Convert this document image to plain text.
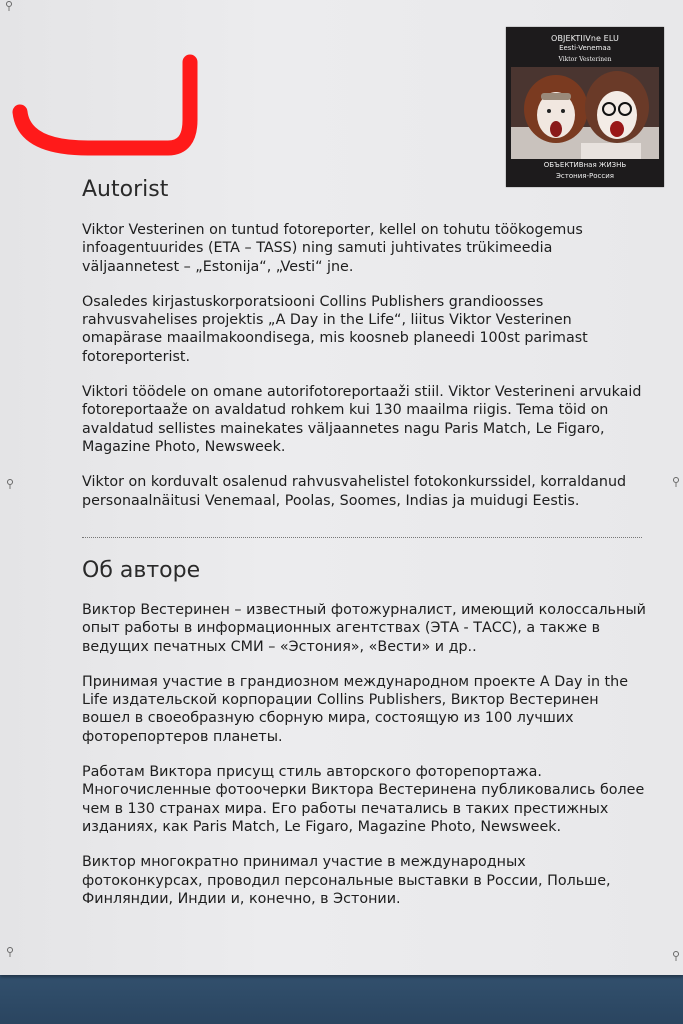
OBJEKTIIVne ELU
Eesti-Venemaa
Viktor Vesterinen
ОБЪЕКТИВная ЖИЗНЬ
Эстония-Россия
Autorist

Viktor Vesterinen on tuntud fotoreporter, kellel on tohutu töökogemus infoagentuurides (ETA – TASS) ning samuti juhtivates trükimeedia väljaannetest – „Estonija“, „Vesti“ jne.

Osaledes kirjastuskorporatsiooni Collins Publishers grandioosses rahvusvahelises projektis „A Day in the Life“, liitus Viktor Vesterinen omapärase maailmakoondisega, mis koosneb planeedi 100st parimast fotoreporterist.

Viktori töödele on omane autorifotoreportaaži stiil. Viktor Vesterineni arvukaid fotoreportaaže on avaldatud rohkem kui 130 maailma riigis. Tema töid on avaldatud sellistes mainekates väljaannetes nagu Paris Match, Le Figaro, Magazine Photo, Newsweek.

Viktor on korduvalt osalenud rahvusvahelistel fotokonkurssidel, korraldanud personaalnäitusi Venemaal, Poolas, Soomes, Indias ja muidugi Eestis.

Об авторе

Виктор Вестеринен – известный фотожурналист, имеющий колоссальный опыт работы в информационных агентствах (ЭТА - ТАСС), а также в ведущих печатных СМИ – «Эстония», «Вести» и др..

Принимая участие в грандиозном международном проекте A Day in the Life издательской корпорации Collins Publishers, Виктор Вестеринен вошел в своеобразную сборную мира, состоящую из 100 лучших фоторепортеров планеты.

Работам Виктора присущ стиль авторского фоторепортажа. Многочисленные фотоочерки Виктора Вестеринена публиковались более чем в 130 странах мира. Его работы печатались в таких престижных изданиях, как Paris Match, Le Figaro, Magazine Photo, Newsweek.

Виктор многократно принимал участие в международных фотоконкурсах, проводил персональные выставки в России, Польше, Финляндии, Индии и, конечно, в Эстонии.
